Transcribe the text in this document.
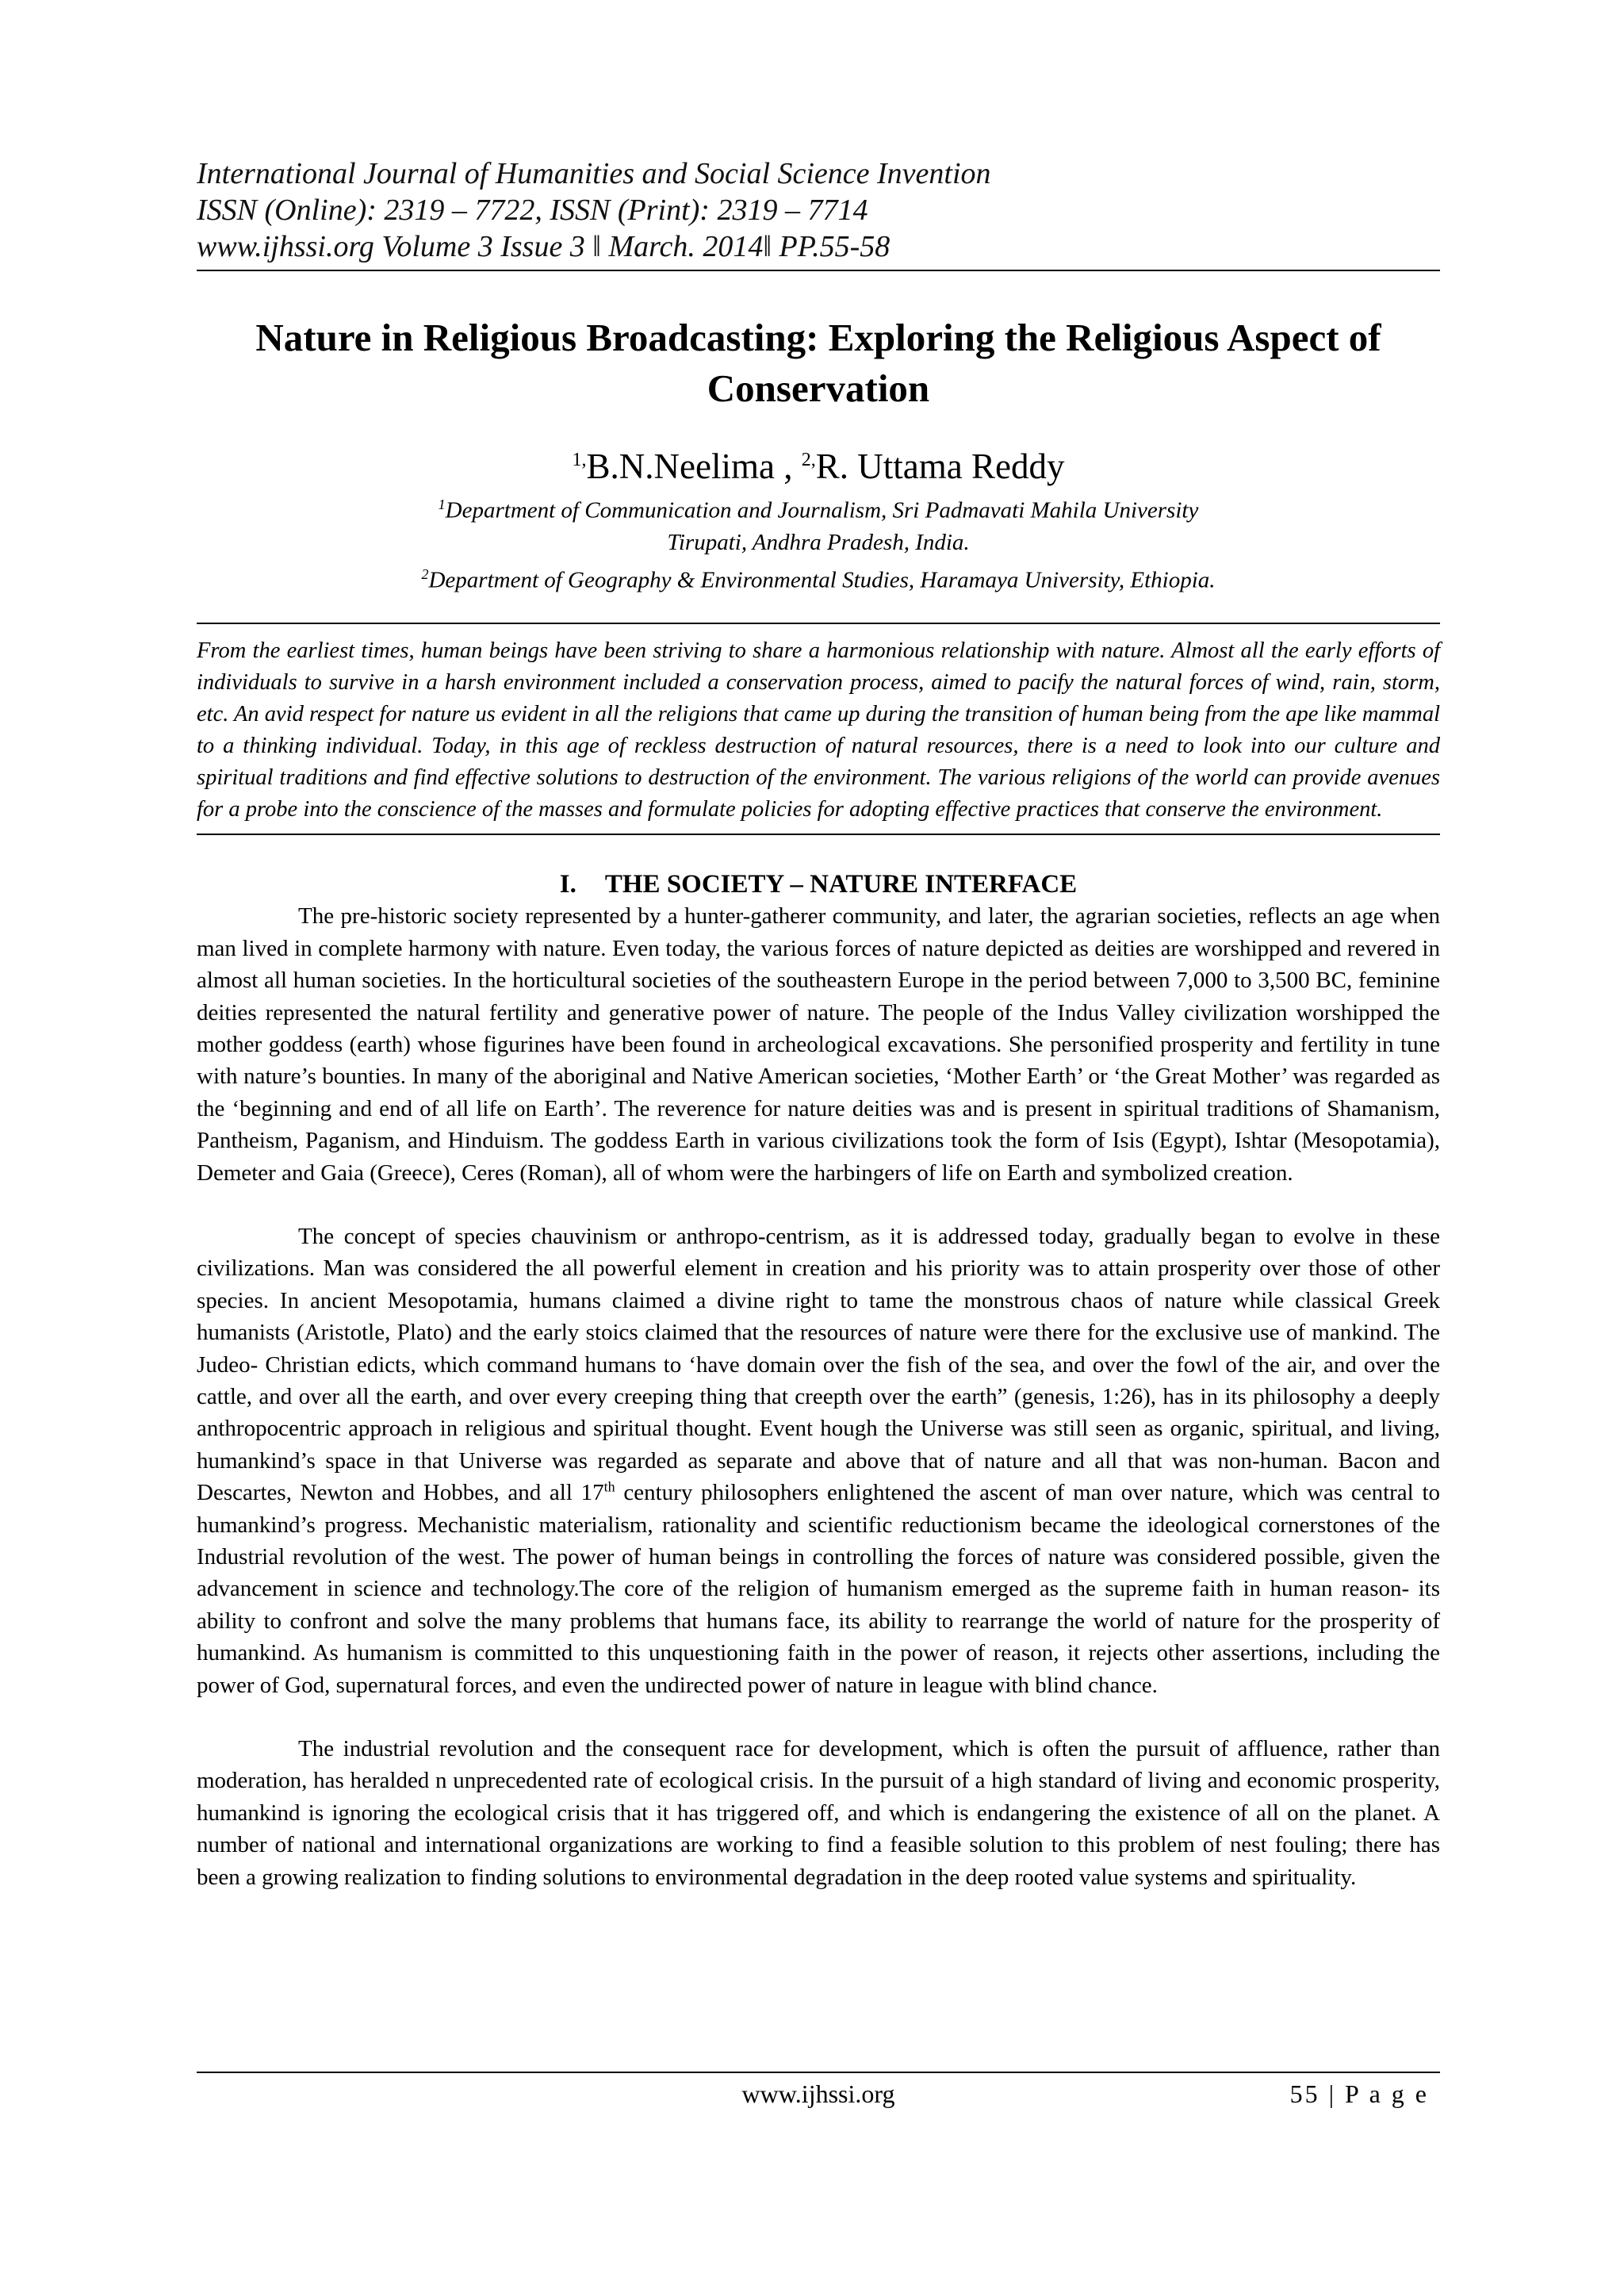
International Journal of Humanities and Social Science Invention
ISSN (Online): 2319 – 7722, ISSN (Print): 2319 – 7714
www.ijhssi.org Volume 3 Issue 3 ǁ March. 2014ǁ PP.55-58
Nature in Religious Broadcasting: Exploring the Religious Aspect of Conservation
$^{1,}$B.N.Neelima , $^{2,}$R. Uttama Reddy
$^1$Department of Communication and Journalism, Sri Padmavati Mahila University
Tirupati, Andhra Pradesh, India.
$^2$Department of Geography & Environmental Studies, Haramaya University, Ethiopia.
From the earliest times, human beings have been striving to share a harmonious relationship with nature. Almost all the early efforts of individuals to survive in a harsh environment included a conservation process, aimed to pacify the natural forces of wind, rain, storm, etc. An avid respect for nature us evident in all the religions that came up during the transition of human being from the ape like mammal to a thinking individual. Today, in this age of reckless destruction of natural resources, there is a need to look into our culture and spiritual traditions and find effective solutions to destruction of the environment. The various religions of the world can provide avenues for a probe into the conscience of the masses and formulate policies for adopting effective practices that conserve the environment.
I. THE SOCIETY – NATURE INTERFACE

The pre-historic society represented by a hunter-gatherer community, and later, the agrarian societies, reflects an age when man lived in complete harmony with nature. Even today, the various forces of nature depicted as deities are worshipped and revered in almost all human societies. In the horticultural societies of the southeastern Europe in the period between 7,000 to 3,500 BC, feminine deities represented the natural fertility and generative power of nature. The people of the Indus Valley civilization worshipped the mother goddess (earth) whose figurines have been found in archeological excavations. She personified prosperity and fertility in tune with nature’s bounties. In many of the aboriginal and Native American societies, ‘Mother Earth’ or ‘the Great Mother’ was regarded as the ‘beginning and end of all life on Earth’. The reverence for nature deities was and is present in spiritual traditions of Shamanism, Pantheism, Paganism, and Hinduism. The goddess Earth in various civilizations took the form of Isis (Egypt), Ishtar (Mesopotamia), Demeter and Gaia (Greece), Ceres (Roman), all of whom were the harbingers of life on Earth and symbolized creation.

The concept of species chauvinism or anthropo-centrism, as it is addressed today, gradually began to evolve in these civilizations. Man was considered the all powerful element in creation and his priority was to attain prosperity over those of other species. In ancient Mesopotamia, humans claimed a divine right to tame the monstrous chaos of nature while classical Greek humanists (Aristotle, Plato) and the early stoics claimed that the resources of nature were there for the exclusive use of mankind. The Judeo- Christian edicts, which command humans to ‘have domain over the fish of the sea, and over the fowl of the air, and over the cattle, and over all the earth, and over every creeping thing that creepth over the earth” (genesis, 1:26), has in its philosophy a deeply anthropocentric approach in religious and spiritual thought. Event hough the Universe was still seen as organic, spiritual, and living, humankind’s space in that Universe was regarded as separate and above that of nature and all that was non-human. Bacon and Descartes, Newton and Hobbes, and all 17th century philosophers enlightened the ascent of man over nature, which was central to humankind’s progress. Mechanistic materialism, rationality and scientific reductionism became the ideological cornerstones of the Industrial revolution of the west. The power of human beings in controlling the forces of nature was considered possible, given the advancement in science and technology.The core of the religion of humanism emerged as the supreme faith in human reason- its ability to confront and solve the many problems that humans face, its ability to rearrange the world of nature for the prosperity of humankind. As humanism is committed to this unquestioning faith in the power of reason, it rejects other assertions, including the power of God, supernatural forces, and even the undirected power of nature in league with blind chance.

The industrial revolution and the consequent race for development, which is often the pursuit of affluence, rather than moderation, has heralded n unprecedented rate of ecological crisis. In the pursuit of a high standard of living and economic prosperity, humankind is ignoring the ecological crisis that it has triggered off, and which is endangering the existence of all on the planet. A number of national and international organizations are working to find a feasible solution to this problem of nest fouling; there has been a growing realization to finding solutions to environmental degradation in the deep rooted value systems and spirituality.

www.ijhssi.org	55 | P a g e
